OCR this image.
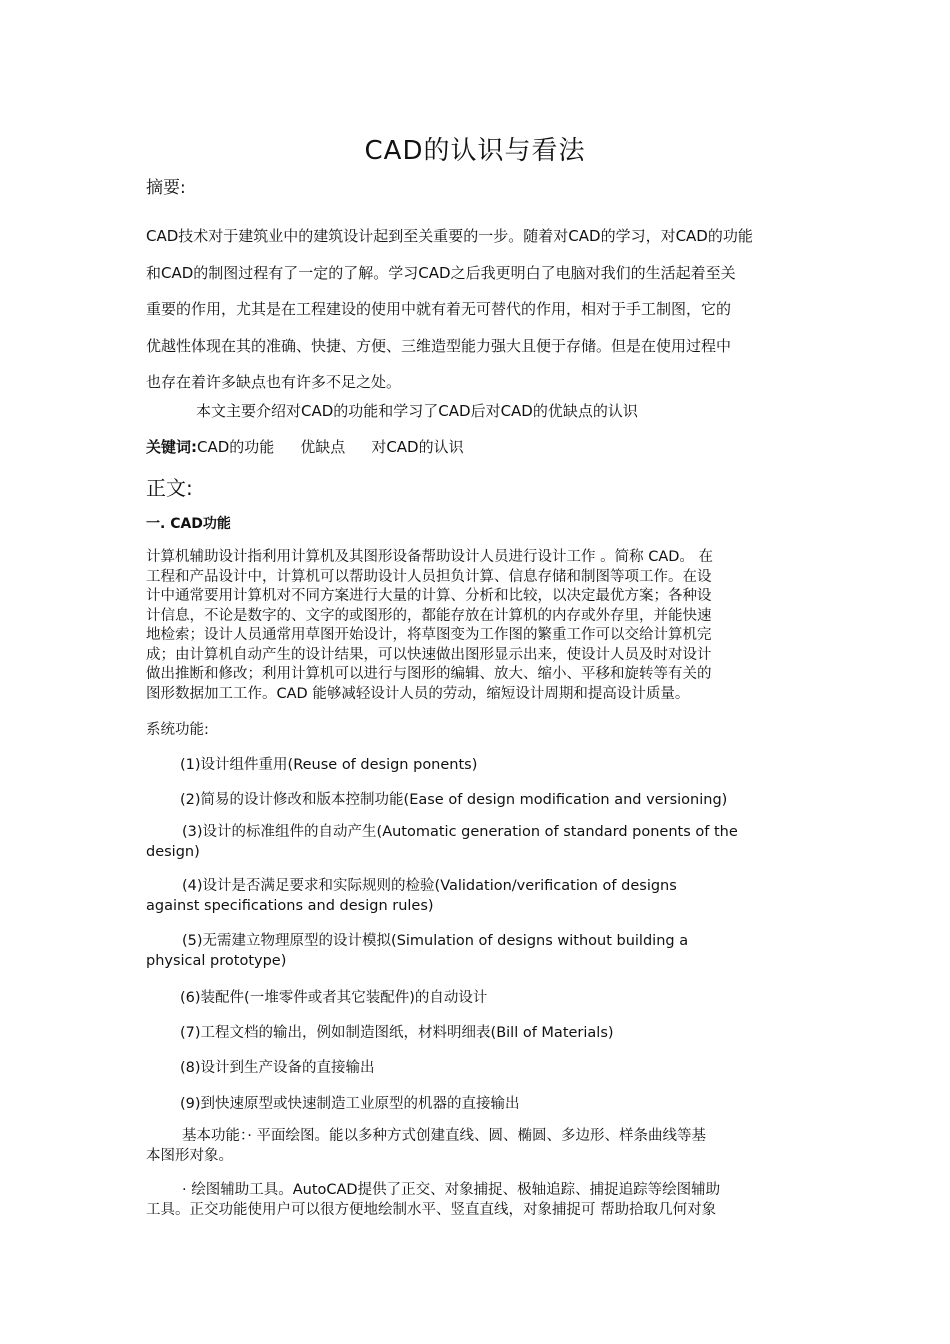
CAD的认识与看法
摘要:
CAD技术对于建筑业中的建筑设计起到至关重要的一步。随着对CAD的学习，对CAD的功能
和CAD的制图过程有了一定的了解。学习CAD之后我更明白了电脑对我们的生活起着至关
重要的作用，尤其是在工程建设的使用中就有着无可替代的作用，相对于手工制图，它的
优越性体现在其的准确、快捷、方便、三维造型能力强大且便于存储。但是在使用过程中
也存在着许多缺点也有许多不足之处。
本文主要介绍对CAD的功能和学习了CAD后对CAD的优缺点的认识
关键词:CAD的功能 优缺点 对CAD的认识
正文:
一. CAD功能
计算机辅助设计指利用计算机及其图形设备帮助设计人员进行设计工作 。简称 CAD。 在
工程和产品设计中，计算机可以帮助设计人员担负计算、信息存储和制图等项工作。在设
计中通常要用计算机对不同方案进行大量的计算、分析和比较，以决定最优方案；各种设
计信息，不论是数字的、文字的或图形的，都能存放在计算机的内存或外存里，并能快速
地检索；设计人员通常用草图开始设计，将草图变为工作图的繁重工作可以交给计算机完
成；由计算机自动产生的设计结果，可以快速做出图形显示出来，使设计人员及时对设计
做出推断和修改；利用计算机可以进行与图形的编辑、放大、缩小、平移和旋转等有关的
图形数据加工工作。CAD 能够减轻设计人员的劳动，缩短设计周期和提高设计质量。
系统功能:
(1)设计组件重用(Reuse of design ponents)
(2)简易的设计修改和版本控制功能(Ease of design modification and versioning)
(3)设计的标准组件的自动产生(Automatic generation of standard ponents of the
design)
(4)设计是否满足要求和实际规则的检验(Validation/verification of designs
against specifications and design rules)
(5)无需建立物理原型的设计模拟(Simulation of designs without building a
physical prototype)
(6)装配件(一堆零件或者其它装配件)的自动设计
(7)工程文档的输出，例如制造图纸，材料明细表(Bill of Materials)
(8)设计到生产设备的直接输出
(9)到快速原型或快速制造工业原型的机器的直接输出
基本功能：· 平面绘图。能以多种方式创建直线、圆、椭圆、多边形、样条曲线等基
本图形对象。
· 绘图辅助工具。AutoCAD提供了正交、对象捕捉、极轴追踪、捕捉追踪等绘图辅助
工具。正交功能使用户可以很方便地绘制水平、竖直直线，对象捕捉可 帮助拾取几何对象
